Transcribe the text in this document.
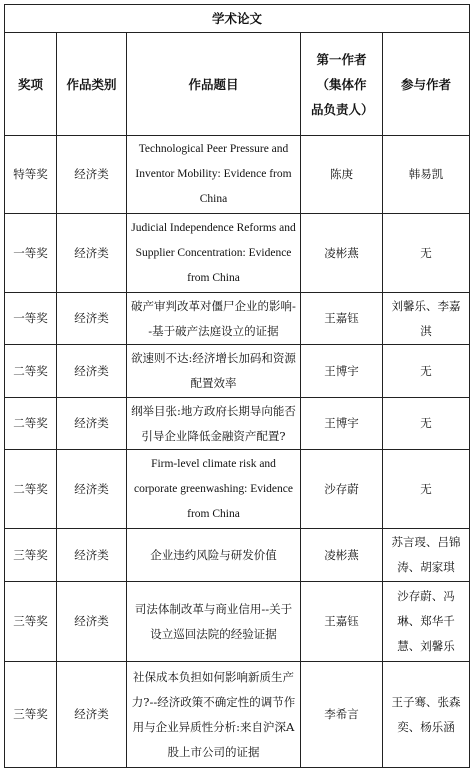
学术论文				
奖项	作品类别	作品题目	第一作者（集体作品负责人）	参与作者
特等奖	经济类	Technological Peer Pressure and Inventor Mobility: Evidence from China	陈庚	韩易凯
一等奖	经济类	Judicial Independence Reforms and Supplier Concentration: Evidence from China	凌彬燕	无
一等奖	经济类	破产审判改革对僵尸企业的影响--基于破产法庭设立的证据	王嘉钰	刘馨乐、李嘉淇
二等奖	经济类	欲速则不达:经济增长加码和资源配置效率	王博宇	无
二等奖	经济类	纲举目张:地方政府长期导向能否引导企业降低金融资产配置?	王博宇	无
二等奖	经济类	Firm-level climate risk and corporate greenwashing: Evidence from China	沙存蔚	无
三等奖	经济类	企业违约风险与研发价值	凌彬燕	苏言琝、吕锦涛、胡家琪
三等奖	经济类	司法体制改革与商业信用--关于设立巡回法院的经验证据	王嘉钰	沙存蔚、冯琳、郑华千慧、刘馨乐
三等奖	经济类	社保成本负担如何影响新质生产力?--经济政策不确定性的调节作用与企业异质性分析:来自沪深A股上市公司的证据	李希言	王子骞、张森奕、杨乐涵
